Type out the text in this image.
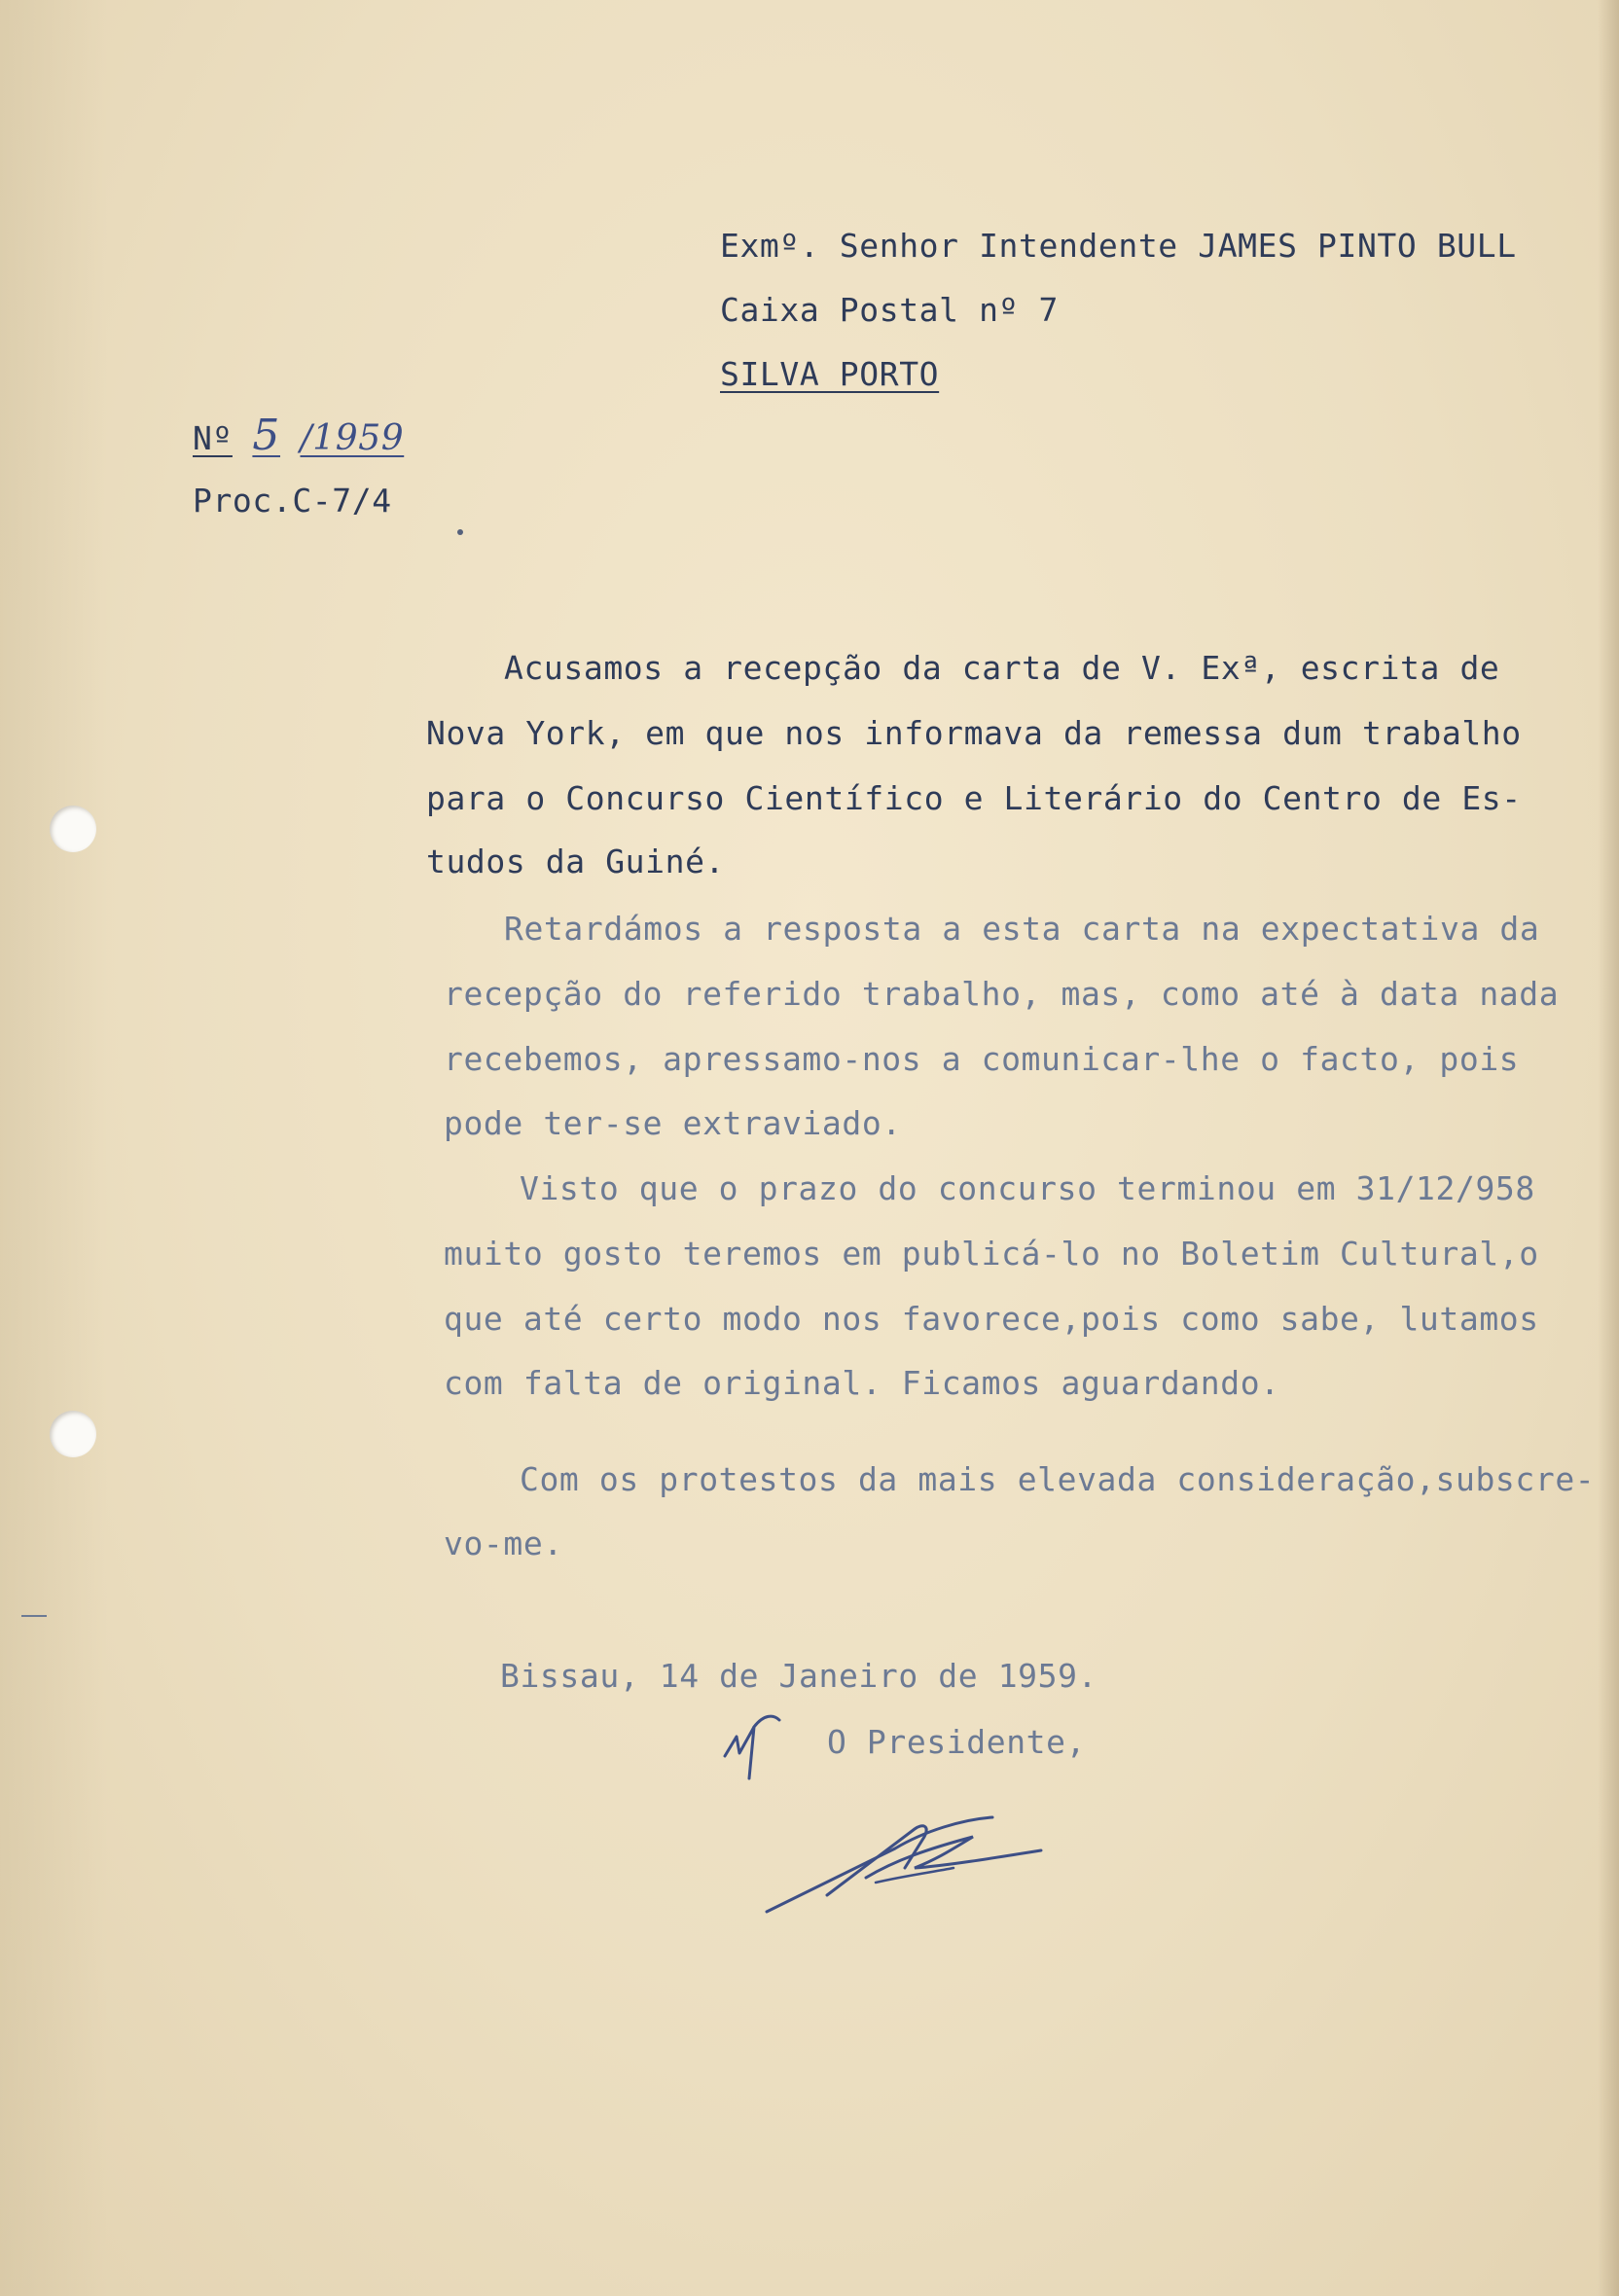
Exmº. Senhor Intendente JAMES PINTO BULL
Caixa Postal nº 7
SILVA PORTO
Nº 5 /1959
Proc.C-7/4
Acusamos a recepção da carta de V. Exª, escrita de
Nova York, em que nos informava da remessa dum trabalho
para o Concurso Científico e Literário do Centro de Es-
tudos da Guiné.
Retardámos a resposta a esta carta na expectativa da
recepção do referido trabalho, mas, como até à data nada
recebemos, apressamo-nos a comunicar-lhe o facto, pois
pode ter-se extraviado.
Visto que o prazo do concurso terminou em 31/12/958
muito gosto teremos em publicá-lo no Boletim Cultural,o
que até certo modo nos favorece,pois como sabe, lutamos
com falta de original. Ficamos aguardando.
Com os protestos da mais elevada consideração,subscre-
vo-me.
Bissau, 14 de Janeiro de 1959.
O Presidente,
